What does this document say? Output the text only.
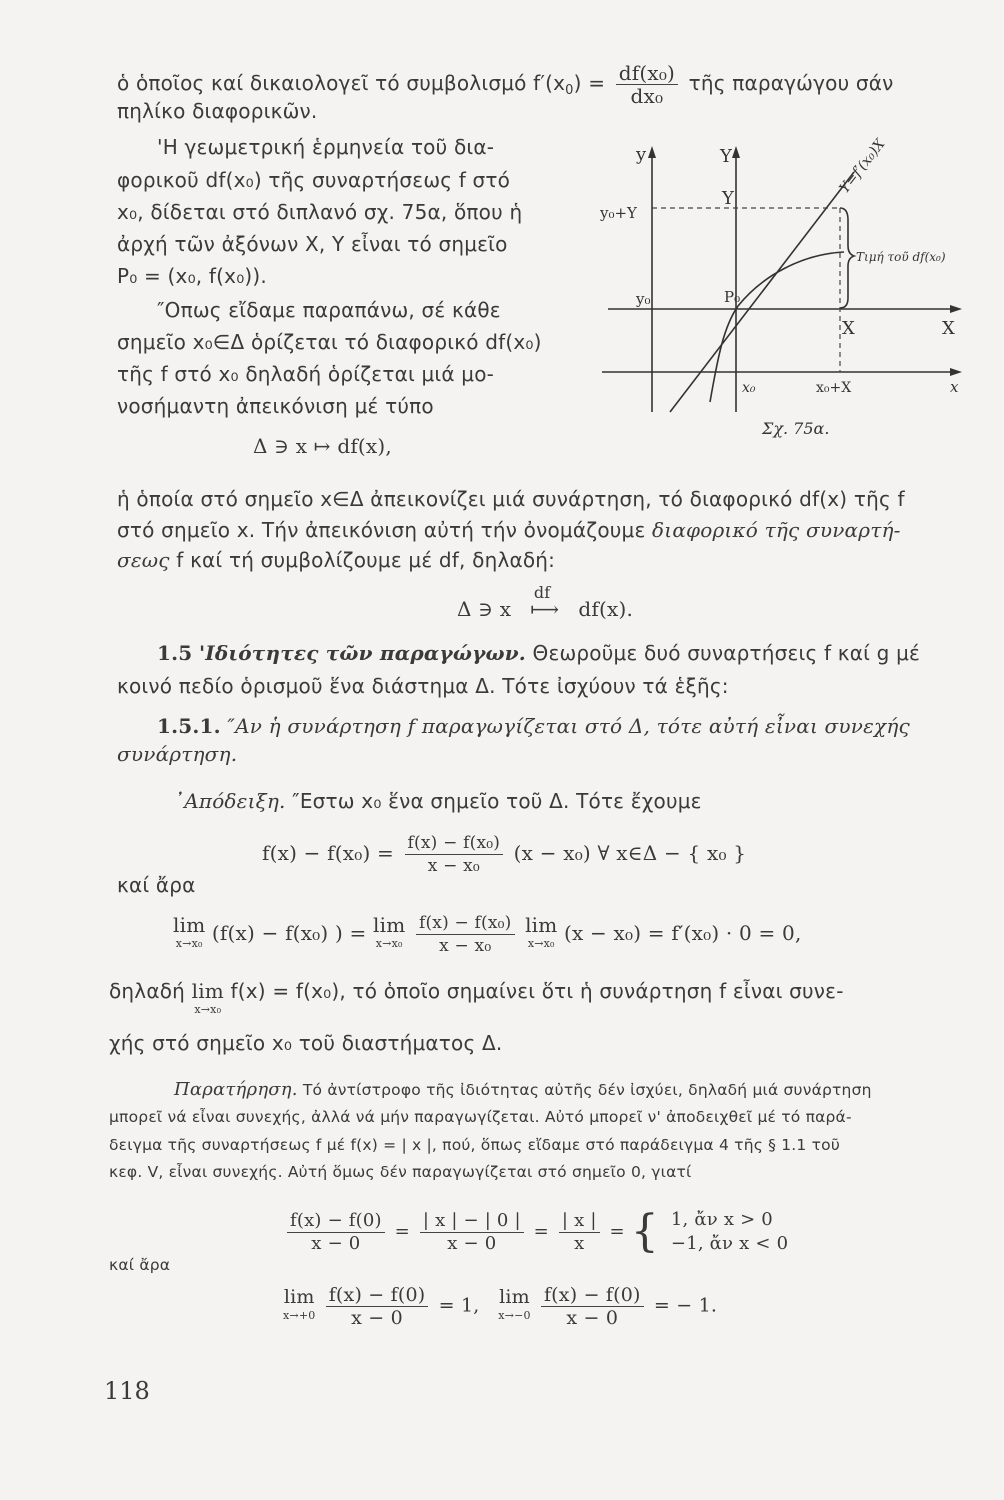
ὁ ὁποῖος καί δικαιολογεῖ τό συμβολισμό $f'(x_0) = \frac{\text{df(x₀)}}{\text{dx₀}}$ τῆς παραγώγου σάν
πηλίκο διαφορικῶν.
'Η γεωμετρική ἑρμηνεία τοῦ δια-
φορικοῦ df(x₀) τῆς συναρτήσεως f στό
x₀, δίδεται στό διπλανό σχ. 75α, ὅπου ἡ
ἀρχή τῶν ἀξόνων X, Y εἶναι τό σημεῖο
P₀ = (x₀, f(x₀)).
″Οπως εἴδαμε παραπάνω, σέ κάθε
σημεῖο x₀∈Δ ὁρίζεται τό διαφορικό df(x₀)
τῆς f στό x₀ δηλαδή ὁρίζεται μιά μο-
νοσήμαντη ἀπεικόνιση μέ τύπο
Δ ∋ x ↦ df(x),
y	Y
Y
y₀+Y
y₀	P₀
X	X
x₀	x₀+X	x
Y=f′(x₀)X
Τιμή τοῦ df(x₀)
Σχ. 75α.
ἡ ὁποία στό σημεῖο x∈Δ ἀπεικονίζει μιά συνάρτηση, τό διαφορικό df(x) τῆς f
στό σημεῖο x. Τήν ἀπεικόνιση αὐτή τήν ὀνομάζουμε διαφορικό τῆς συναρτή-
σεως f καί τή συμβολίζουμε μέ df, δηλαδή:
Δ ∋ x
df
⟼ df(x).
1.5 'Ιδιότητες τῶν παραγώγων. Θεωροῦμε δυό συναρτήσεις f καί g μέ
κοινό πεδίο ὁρισμοῦ ἕνα διάστημα Δ. Τότε ἰσχύουν τά ἑξῆς:
1.5.1. ″Αν ἡ συνάρτηση f παραγωγίζεται στό Δ, τότε αὐτή εἶναι συνεχής
συνάρτηση.
᾿Απόδειξη. ″Εστω x₀ ἕνα σημεῖο τοῦ Δ. Τότε ἔχουμε
$f(x) - f(x_0) = \frac{\text{f(x) − f(x₀)}}{\text{x − x₀}} (x - x_0)$ ∀ x∈Δ − { x₀ }
καί ἄρα
lim
x→x₀ (f(x) − f(x₀) ) = lim
x→x₀
$\frac{\text{f(x) − f(x₀)}}{\text{x − x₀}}$ lim
x→x₀ (x − x₀) = f′(x₀) · 0 = 0,
δηλαδή lim
x→x₀
f(x) = f(x₀), τό ὁποῖο σημαίνει ὅτι ἡ συνάρτηση f εἶναι συνε-
χής στό σημεῖο x₀ τοῦ διαστήματος Δ.
Παρατήρηση. Τό ἀντίστροφο τῆς ἰδιότητας αὐτῆς δέν ἰσχύει, δηλαδή μιά συνάρτηση
μπορεῖ νά εἶναι συνεχής, ἀλλά νά μήν παραγωγίζεται. Αὐτό μπορεῖ ν' ἀποδειχθεῖ μέ τό παρά-
δειγμα τῆς συναρτήσεως f μέ f(x) = | x |, πού, ὅπως εἴδαμε στό παράδειγμα 4 τῆς § 1.1 τοῦ
κεφ. V, εἶναι συνεχής. Αὐτή ὅμως δέν παραγωγίζεται στό σημεῖο 0, γιατί
$\frac{f(x) - f(0)}{x - 0} = \frac{| x | - | 0 |}{x - 0} = \frac{| x |}{x}$ = { 1, ἄν x > 0
−1, ἄν x < 0
καί ἄρα
lim
x→+0
$\frac{f(x) - f(0)}{x - 0} = 1$, lim
x→−0
$\frac{f(x) - f(0)}{x - 0}$ = − 1.
118
